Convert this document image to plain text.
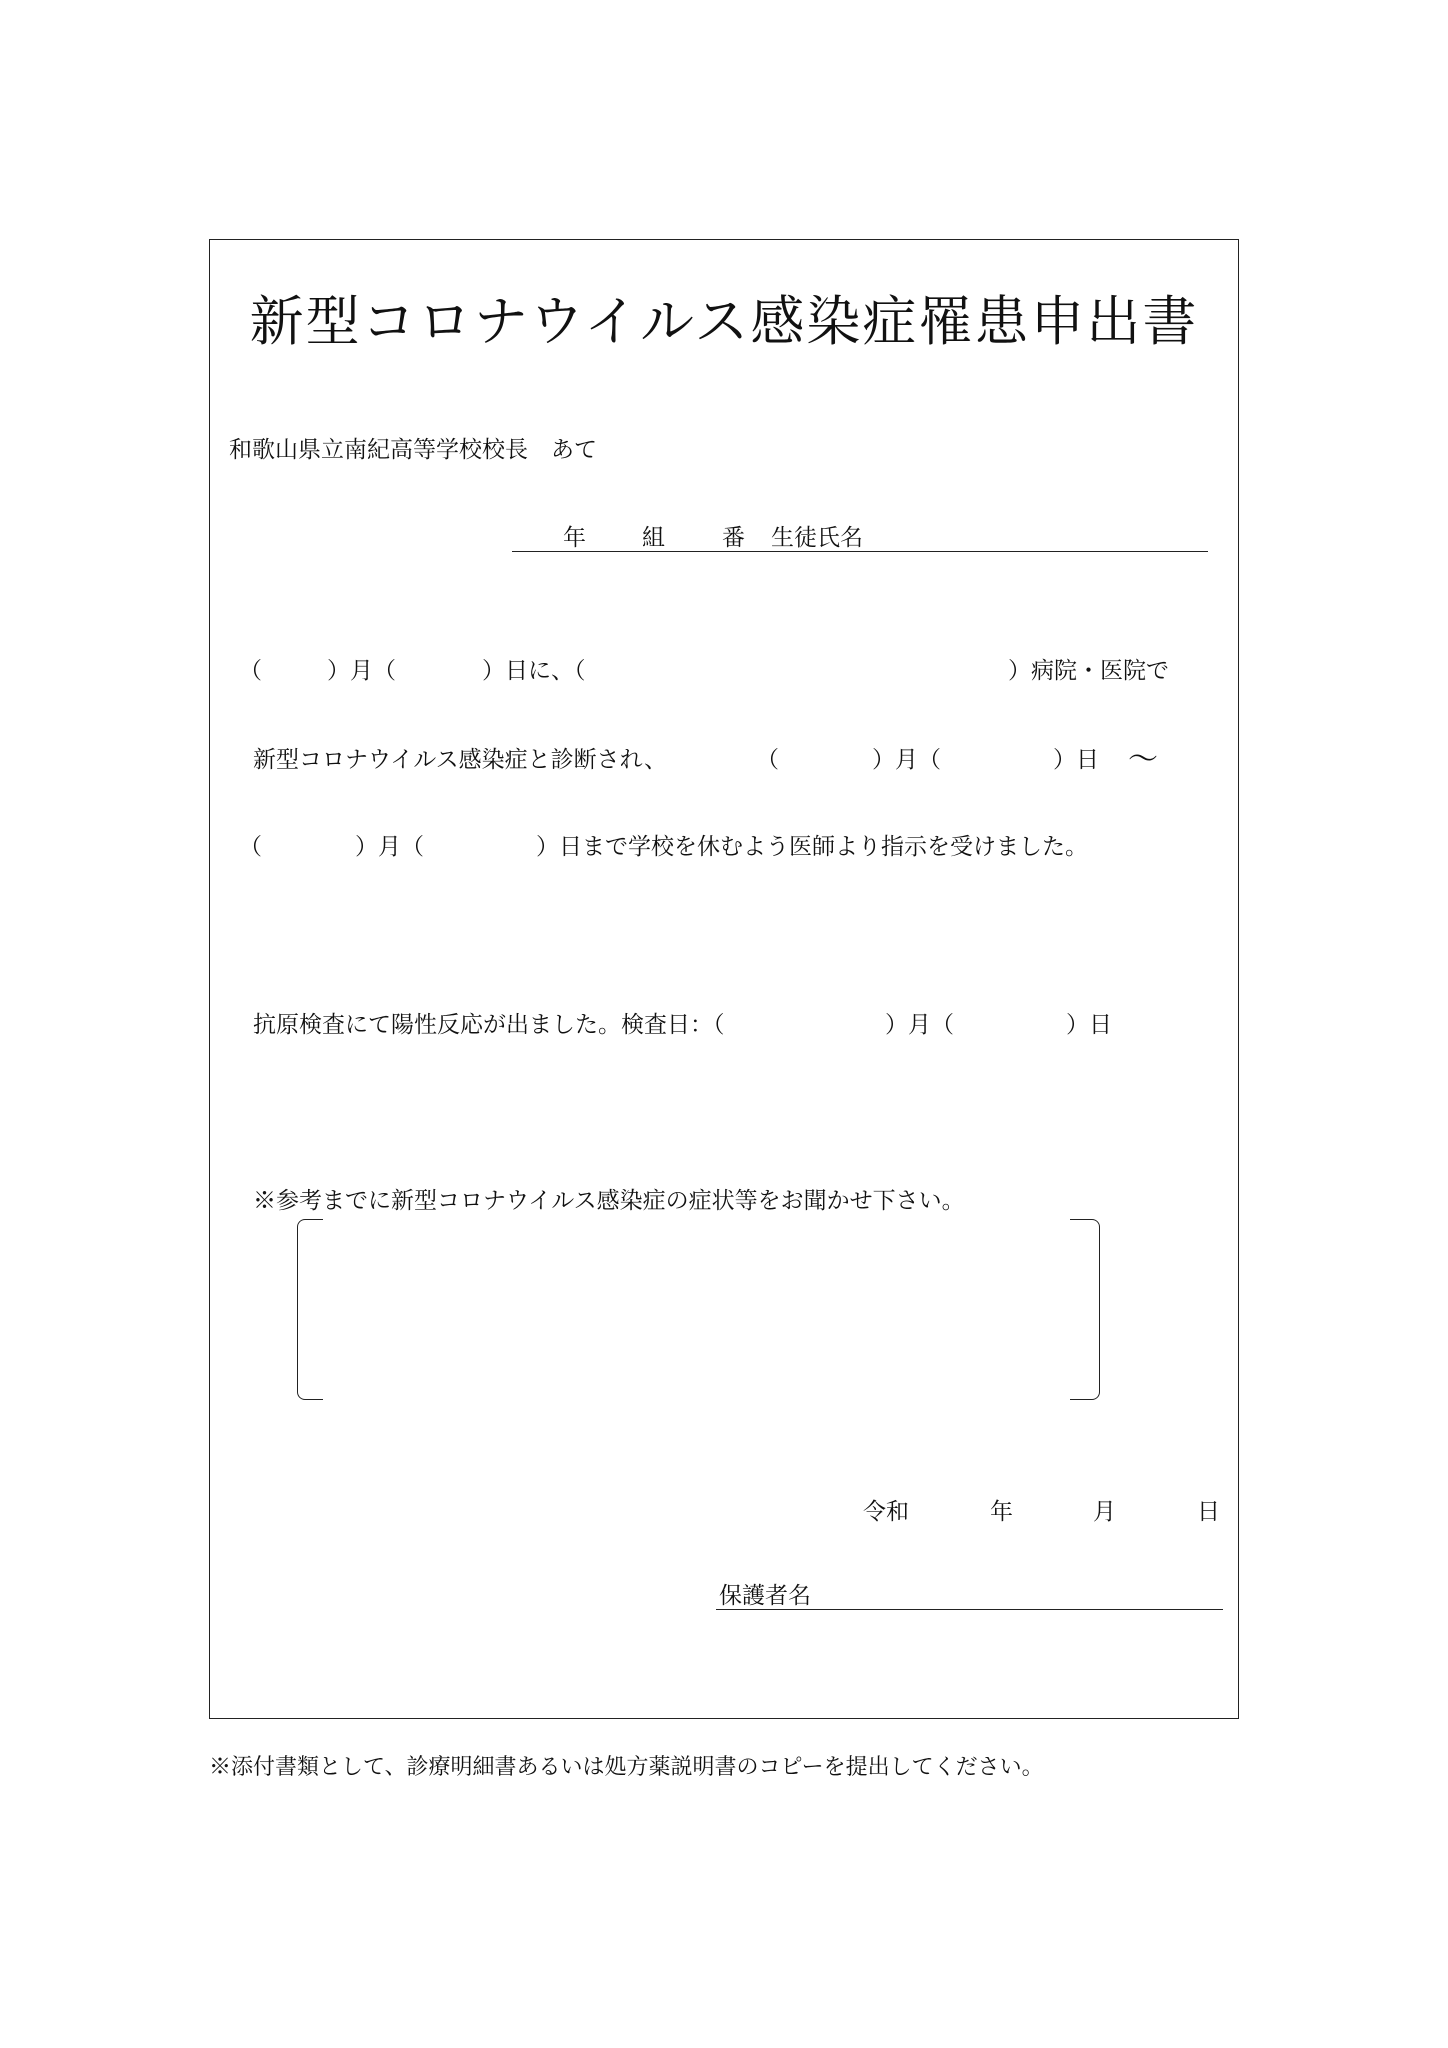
新型コロナウイルス感染症罹患申出書
和歌山県立南紀高等学校校長　あて
年 組 番 生徒氏名
（	）月（	）日に、（	）病院・医院で
新型コロナウイルス感染症と診断され、	（	）月（	）日 〜
（	）月（	）日まで学校を休むよう医師より指示を受けました。
抗原検査にて陽性反応が出ました。検査日：（	）月（	）日
※参考までに新型コロナウイルス感染症の症状等をお聞かせ下さい。
令和	年	月	日
保護者名
※添付書類として、診療明細書あるいは処方薬説明書のコピーを提出してください。
